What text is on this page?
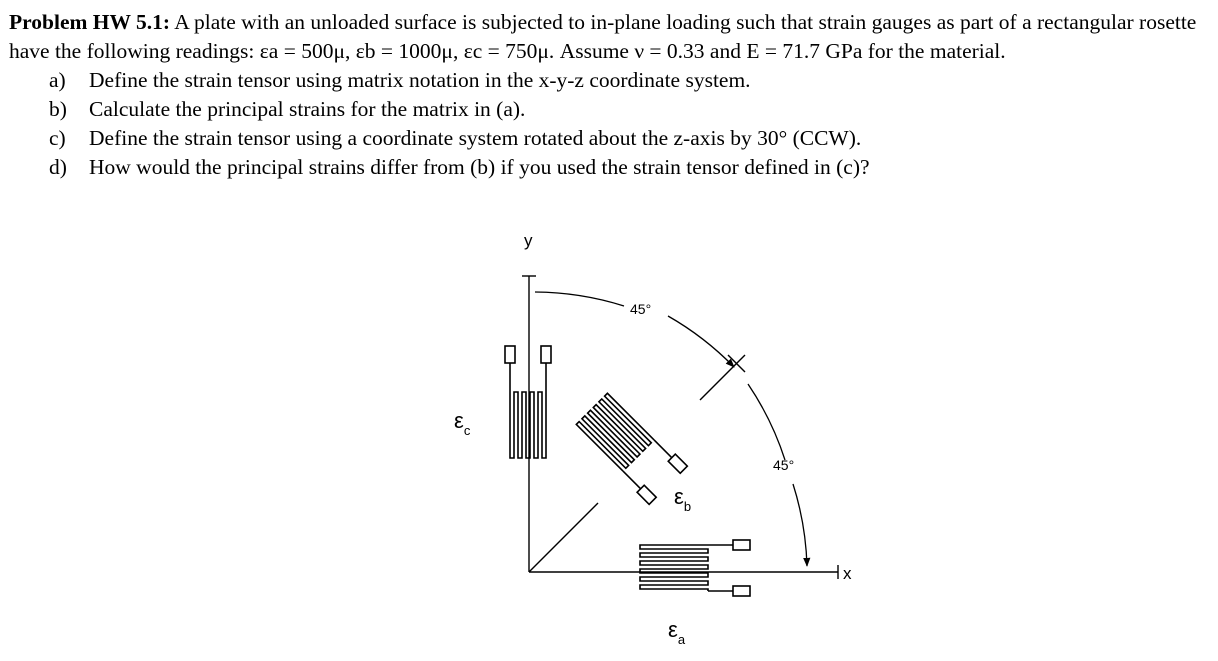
Problem HW 5.1: A plate with an unloaded surface is subjected to in-plane loading such that strain gauges as part of a rectangular rosette have the following readings: εa = 500μ, εb = 1000μ, εc = 750μ. Assume ν = 0.33 and E = 71.7 GPa for the material.

a) Define the strain tensor using matrix notation in the x-y-z coordinate system.
b) Calculate the principal strains for the matrix in (a).
c) Define the strain tensor using a coordinate system rotated about the z-axis by 30° (CCW).
d) How would the principal strains differ from (b) if you used the strain tensor defined in (c)?
y
x
45°
45°
$\varepsilon_c$
$\varepsilon_b$
$\varepsilon_a$
